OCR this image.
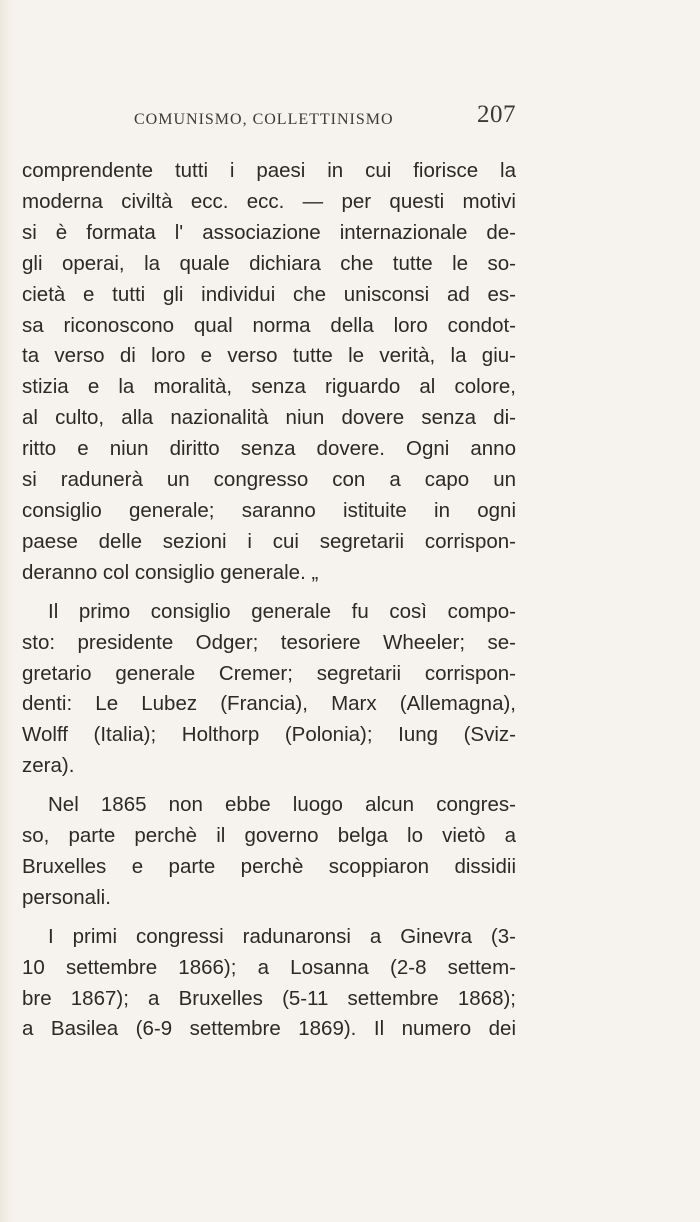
COMUNISMO, COLLETTINISMO	207
comprendente tutti i paesi in cui fiorisce la
moderna civiltà ecc. ecc. — per questi motivi
si è formata l' associazione internazionale de-
gli operai, la quale dichiara che tutte le so-
cietà e tutti gli individui che unisconsi ad es-
sa riconoscono qual norma della loro condot-
ta verso di loro e verso tutte le verità, la giu-
stizia e la moralità, senza riguardo al colore,
al culto, alla nazionalità niun dovere senza di-
ritto e niun diritto senza dovere. Ogni anno
si radunerà un congresso con a capo un
consiglio generale; saranno istituite in ogni
paese delle sezioni i cui segretarii corrispon-
deranno col consiglio generale. „
Il primo consiglio generale fu così compo-
sto: presidente Odger; tesoriere Wheeler; se-
gretario generale Cremer; segretarii corrispon-
denti: Le Lubez (Francia), Marx (Allemagna),
Wolff (Italia); Holthorp (Polonia); Iung (Sviz-
zera).
Nel 1865 non ebbe luogo alcun congres-
so, parte perchè il governo belga lo vietò a
Bruxelles e parte perchè scoppiaron dissidii
personali.
I primi congressi radunaronsi a Ginevra (3-
10 settembre 1866); a Losanna (2-8 settem-
bre 1867); a Bruxelles (5-11 settembre 1868);
a Basilea (6-9 settembre 1869). Il numero dei
